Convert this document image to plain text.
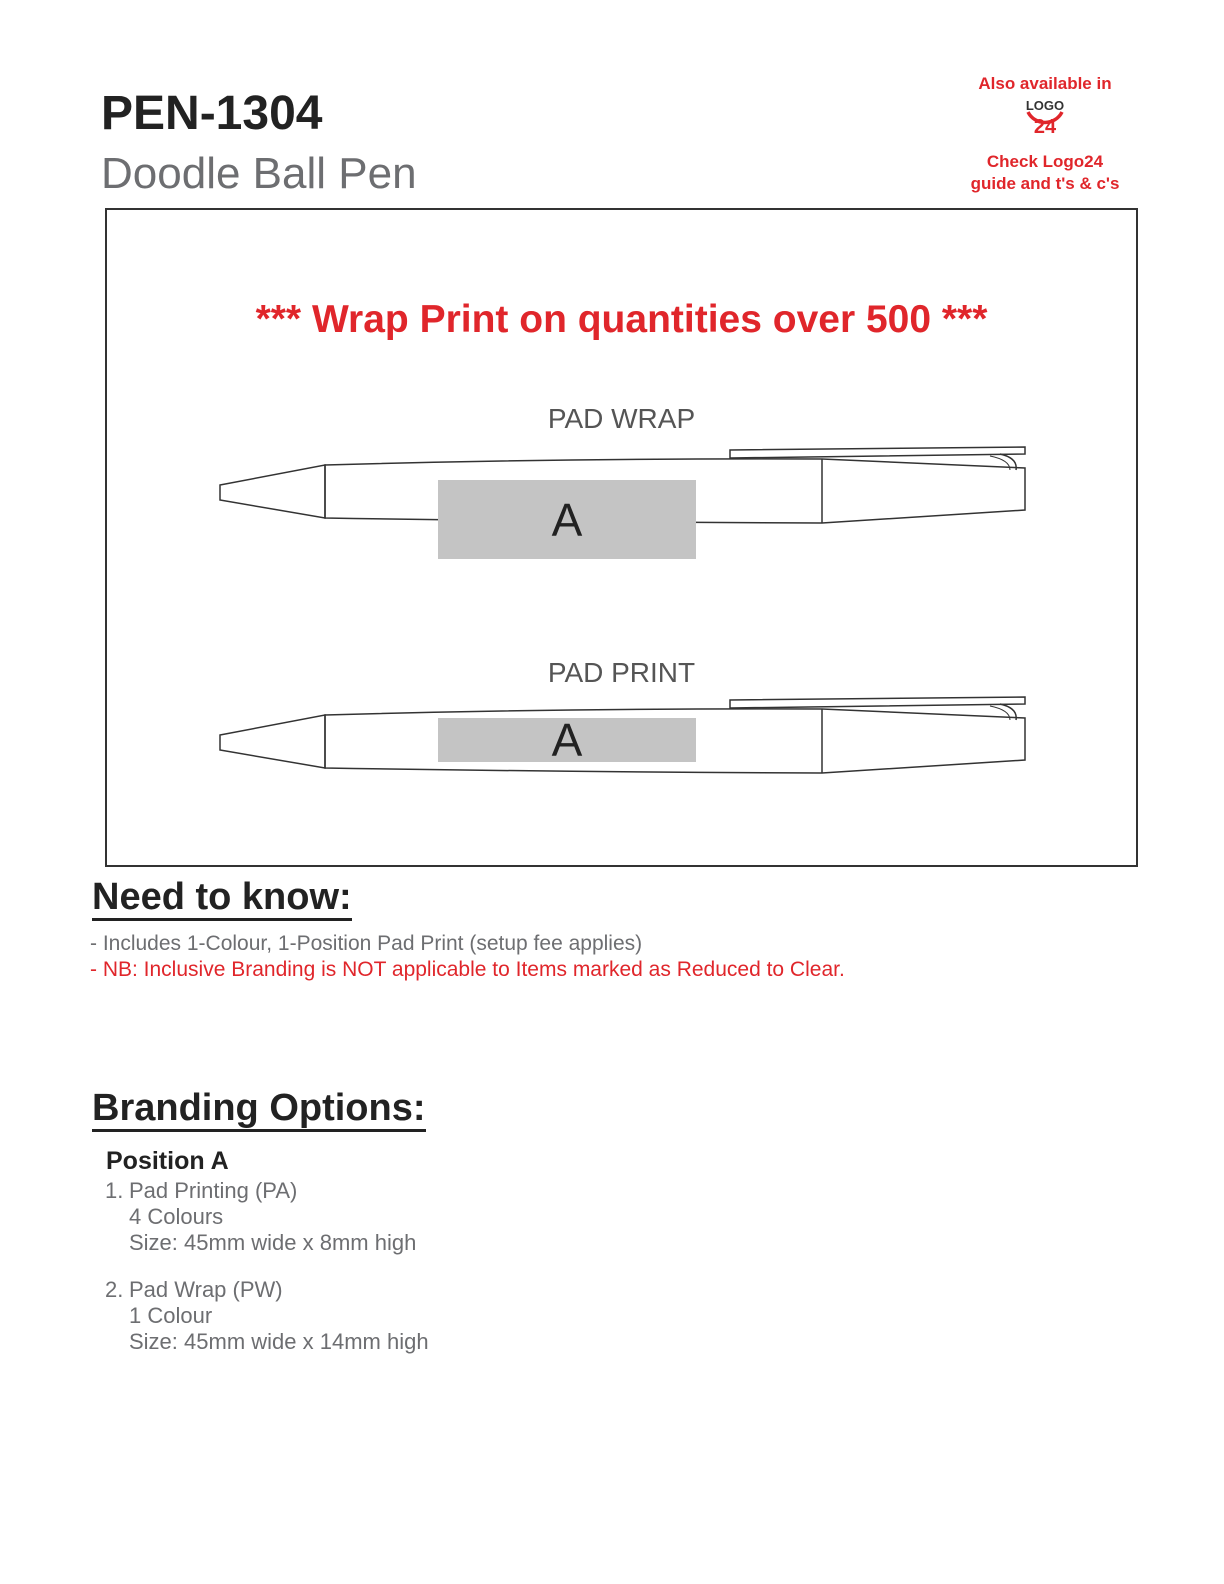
PEN-1304
Doodle Ball Pen
Also available in
LOGO
24
Check Logo24
guide and t's & c's
*** Wrap Print on quantities over 500 ***
PAD WRAP
A
PAD PRINT
A
Need to know:
- Includes 1-Colour, 1-Position Pad Print (setup fee applies)
- NB: Inclusive Branding is NOT applicable to Items marked as Reduced to Clear.
Branding Options:
Position A
1. Pad Printing (PA)
4 Colours
Size: 45mm wide x 8mm high
2. Pad Wrap (PW)
1 Colour
Size: 45mm wide x 14mm high
